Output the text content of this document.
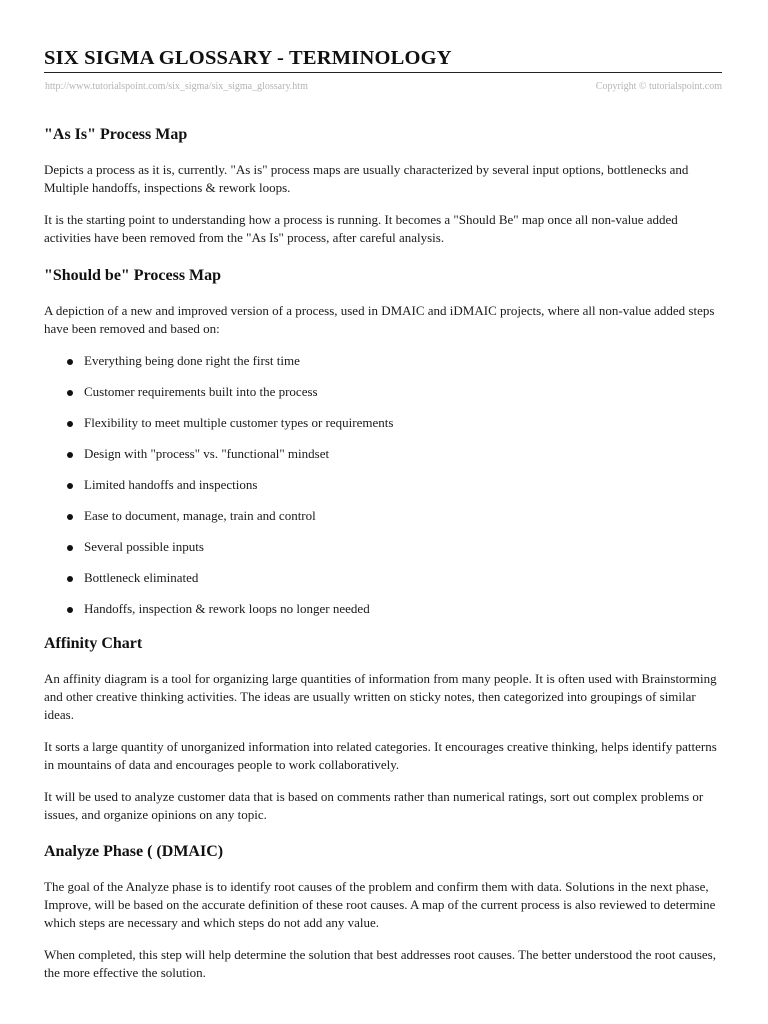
SIX SIGMA GLOSSARY - TERMINOLOGY
http://www.tutorialspoint.com/six_sigma/six_sigma_glossary.htm	Copyright © tutorialspoint.com
"As Is" Process Map

Depicts a process as it is, currently. "As is" process maps are usually characterized by several input options, bottlenecks and Multiple handoffs, inspections & rework loops.

It is the starting point to understanding how a process is running. It becomes a "Should Be" map once all non-value added activities have been removed from the "As Is" process, after careful analysis.

"Should be" Process Map

A depiction of a new and improved version of a process, used in DMAIC and iDMAIC projects, where all non-value added steps have been removed and based on:

Everything being done right the first time
Customer requirements built into the process
Flexibility to meet multiple customer types or requirements
Design with "process" vs. "functional" mindset
Limited handoffs and inspections
Ease to document, manage, train and control
Several possible inputs
Bottleneck eliminated
Handoffs, inspection & rework loops no longer needed
Affinity Chart

An affinity diagram is a tool for organizing large quantities of information from many people. It is often used with Brainstorming and other creative thinking activities. The ideas are usually written on sticky notes, then categorized into groupings of similar ideas.

It sorts a large quantity of unorganized information into related categories. It encourages creative thinking, helps identify patterns in mountains of data and encourages people to work collaboratively.

It will be used to analyze customer data that is based on comments rather than numerical ratings, sort out complex problems or issues, and organize opinions on any topic.

Analyze Phase ( (DMAIC)

The goal of the Analyze phase is to identify root causes of the problem and confirm them with data. Solutions in the next phase, Improve, will be based on the accurate definition of these root causes. A map of the current process is also reviewed to determine which steps are necessary and which steps do not add any value.

When completed, this step will help determine the solution that best addresses root causes. The better understood the root causes, the more effective the solution.
